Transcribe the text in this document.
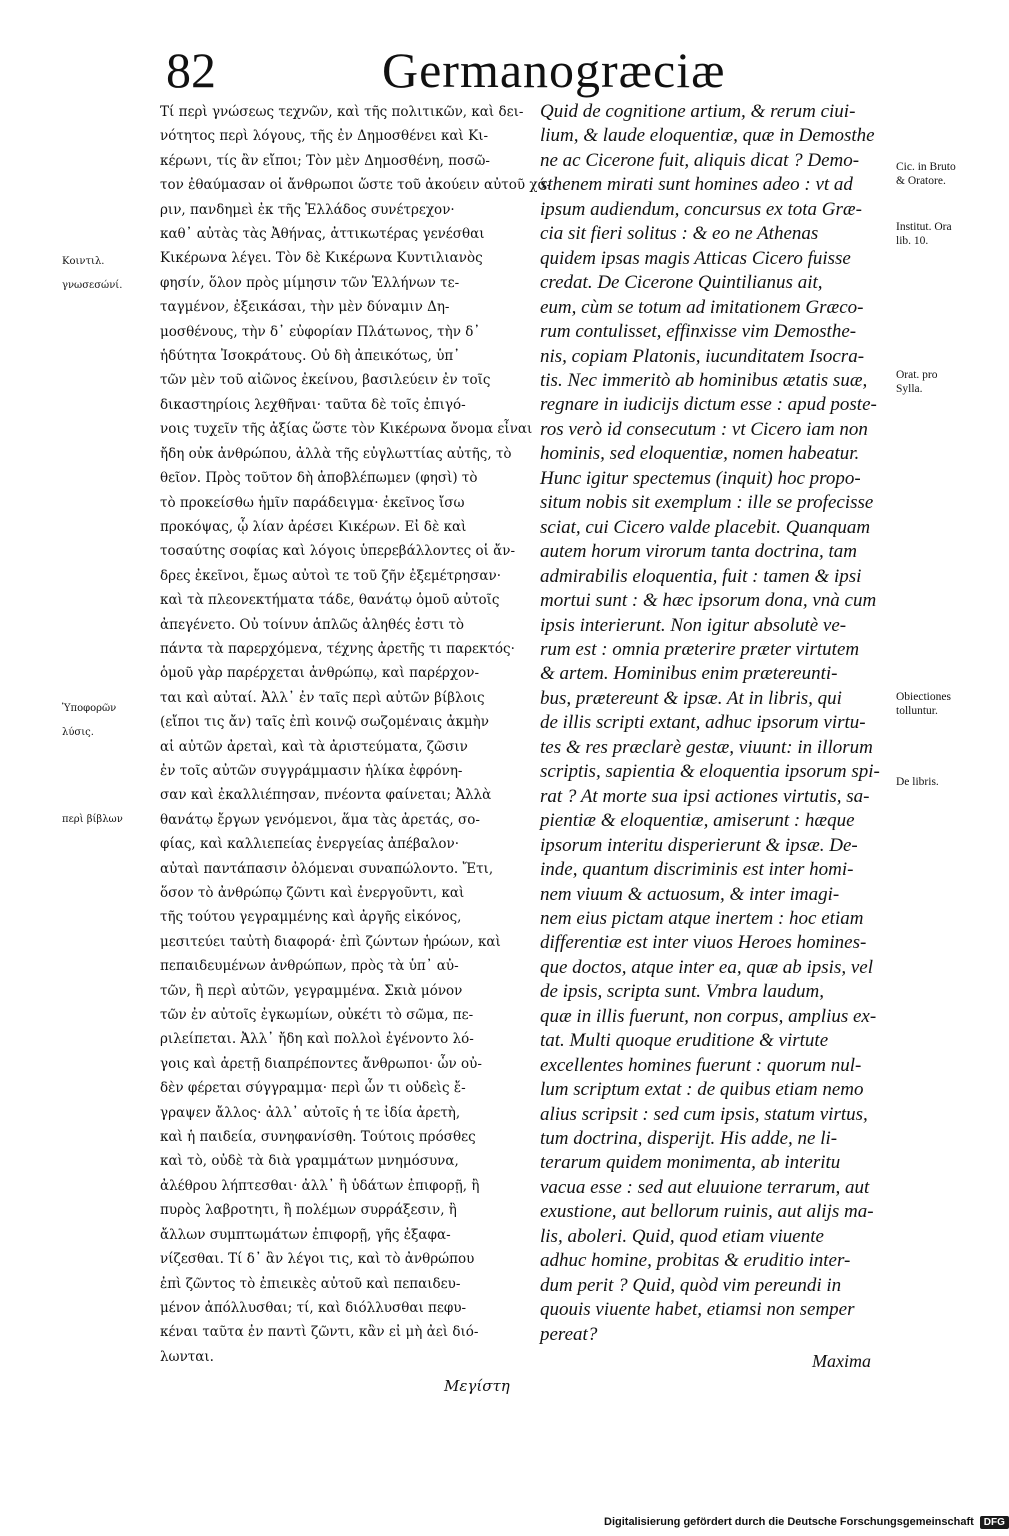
82	Germanogræciæ
Κοιντιλ.
γνωσεσώνί.
Ὑποφορῶν
λύσις.
περὶ βίβλων
Τί περὶ γνώσεως τεχνῶν, καὶ τῆς πολιτικῶν, καὶ δει-
νότητος περὶ λόγους, τῆς ἐν Δημοσθένει καὶ Κι-
κέρωνι, τίς ἂν εἴποι; Τὸν μὲν Δημοσθένη, ποσῶ-
τον ἐθαύμασαν οἱ ἄνθρωποι ὥστε τοῦ ἀκούειν αὐτοῦ χά-
ριν, πανδημεὶ ἐκ τῆς Ἑλλάδος συνέτρεχον·
καθ᾽ αὐτὰς τὰς Ἀθήνας, ἀττικωτέρας γενέσθαι
Κικέρωνα λέγει. Τὸν δὲ Κικέρωνα Κυντιλιανὸς
φησίν, ὅλον πρὸς μίμησιν τῶν Ἑλλήνων τε-
ταγμένον, ἐξεικάσαι, τὴν μὲν δύναμιν Δη-
μοσθένους, τὴν δ᾽ εὐφορίαν Πλάτωνος, τὴν δ᾽
ἡδύτητα Ἰσοκράτους. Οὐ δὴ ἀπεικότως, ὑπ᾽
τῶν μὲν τοῦ αἰῶνος ἐκείνου, βασιλεύειν ἐν τοῖς
δικαστηρίοις λεχθῆναι· ταῦτα δὲ τοῖς ἐπιγό-
νοις τυχεῖν τῆς ἀξίας ὥστε τὸν Κικέρωνα ὄνομα εἶναι
ἤδη οὐκ ἀνθρώπου, ἀλλὰ τῆς εὐγλωττίας αὐτῆς, τὸ
θεῖον. Πρὸς τοῦτον δὴ ἀποβλέπωμεν (φησὶ) τὸ
τὸ προκείσθω ἡμῖν παράδειγμα· ἐκεῖνος ἴσω
προκόψας, ᾧ λίαν ἀρέσει Κικέρων. Εἰ δὲ καὶ
τοσαύτης σοφίας καὶ λόγοις ὑπερεβάλλοντες οἱ ἄν-
δρες ἐκεῖνοι, ἔμως αὐτοὶ τε τοῦ ζῆν ἐξεμέτρησαν·
καὶ τὰ πλεονεκτήματα τάδε, θανάτῳ ὁμοῦ αὐτοῖς
ἀπεγένετο. Οὐ τοίνυν ἁπλῶς ἀληθές ἐστι τὸ
πάντα τὰ παρερχόμενα, τέχνης ἀρετῆς τι παρεκτός·
ὁμοῦ γὰρ παρέρχεται ἀνθρώπῳ, καὶ παρέρχον-
ται καὶ αὐταί. Ἀλλ᾽ ἐν ταῖς περὶ αὐτῶν βίβλοις
(εἴποι τις ἄν) ταῖς ἐπὶ κοινῷ σωζομέναις ἀκμὴν
αἱ αὐτῶν ἀρεταὶ, καὶ τὰ ἀριστεύματα, ζῶσιν
ἐν τοῖς αὐτῶν συγγράμμασιν ἡλίκα ἐφρόνη-
σαν καὶ ἐκαλλιέπησαν, πνέοντα φαίνεται; Ἀλλὰ
θανάτῳ ἔργων γενόμενοι, ἅμα τὰς ἀρετάς, σο-
φίας, καὶ καλλιεπείας ἐνεργείας ἀπέβαλον·
αὐταὶ παντάπασιν ὀλόμεναι συναπώλοντο. Ἔτι,
ὅσον τὸ ἀνθρώπῳ ζῶντι καὶ ἐνεργοῦντι, καὶ
τῆς τούτου γεγραμμένης καὶ ἀργῆς εἰκόνος,
μεσιτεύει ταὐτὴ διαφορά· ἐπὶ ζώντων ἡρώων, καὶ
πεπαιδευμένων ἀνθρώπων, πρὸς τὰ ὑπ᾽ αὐ-
τῶν, ἢ περὶ αὐτῶν, γεγραμμένα. Σκιὰ μόνον
τῶν ἐν αὐτοῖς ἐγκωμίων, οὐκέτι τὸ σῶμα, πε-
ριλείπεται. Ἀλλ᾽ ἤδη καὶ πολλοὶ ἐγένοντο λό-
γοις καὶ ἀρετῇ διαπρέποντες ἄνθρωποι· ὧν οὐ-
δὲν φέρεται σύγγραμμα· περὶ ὧν τι οὐδεὶς ἔ-
γραψεν ἄλλος· ἀλλ᾽ αὐτοῖς ἡ τε ἰδία ἀρετὴ,
καὶ ἡ παιδεία, συνηφανίσθη. Τούτοις πρόσθες
καὶ τὸ, οὐδὲ τὰ διὰ γραμμάτων μνημόσυνα,
ἀλέθρου λήπτεσθαι· ἀλλ᾽ ἢ ὑδάτων ἐπιφορῇ, ἢ
πυρὸς λαβροτητι, ἢ πολέμων συρράξεσιν, ἢ
ἄλλων συμπτωμάτων ἐπιφορῇ, γῆς ἐξαφα-
νίζεσθαι. Τί δ᾽ ἂν λέγοι τις, καὶ τὸ ἀνθρώπου
ἐπὶ ζῶντος τὸ ἐπιεικὲς αὐτοῦ καὶ πεπαιδευ-
μένον ἀπόλλυσθαι; τί, καὶ διόλλυσθαι πεφυ-
κέναι ταῦτα ἐν παντὶ ζῶντι, κἂν εἰ μὴ ἀεὶ διό-
λωνται.
Quid de cognitione artium, & rerum ciui-
lium, & laude eloquentiæ, quæ in Demosthe
ne ac Cicerone fuit, aliquis dicat ? Demo-
sthenem mirati sunt homines adeo : vt ad
ipsum audiendum, concursus ex tota Græ-
cia sit fieri solitus : & eo ne Athenas
quidem ipsas magis Atticas Cicero fuisse
credat. De Cicerone Quintilianus ait,
eum, cùm se totum ad imitationem Græco-
rum contulisset, effinxisse vim Demosthe-
nis, copiam Platonis, iucunditatem Isocra-
tis. Nec immeritò ab hominibus ætatis suæ,
regnare in iudicijs dictum esse : apud poste-
ros verò id consecutum : vt Cicero iam non
hominis, sed eloquentiæ, nomen habeatur.
Hunc igitur spectemus (inquit) hoc propo-
situm nobis sit exemplum : ille se profecisse
sciat, cui Cicero valde placebit. Quanquam
autem horum virorum tanta doctrina, tam
admirabilis eloquentia, fuit : tamen & ipsi
mortui sunt : & hæc ipsorum dona, vnà cum
ipsis interierunt. Non igitur absolutè ve-
rum est : omnia præterire præter virtutem
& artem. Hominibus enim prætereunti-
bus, prætereunt & ipsæ. At in libris, qui
de illis scripti extant, adhuc ipsorum virtu-
tes & res præclarè gestæ, viuunt: in illorum
scriptis, sapientia & eloquentia ipsorum spi-
rat ? At morte sua ipsi actiones virtutis, sa-
pientiæ & eloquentiæ, amiserunt : hæque
ipsorum interitu disperierunt & ipsæ. De-
inde, quantum discriminis est inter homi-
nem viuum & actuosum, & inter imagi-
nem eius pictam atque inertem : hoc etiam
differentiæ est inter viuos Heroes homines-
que doctos, atque inter ea, quæ ab ipsis, vel
de ipsis, scripta sunt. Vmbra laudum,
quæ in illis fuerunt, non corpus, amplius ex-
tat. Multi quoque eruditione & virtute
excellentes homines fuerunt : quorum nul-
lum scriptum extat : de quibus etiam nemo
alius scripsit : sed cum ipsis, statum virtus,
tum doctrina, disperijt. His adde, ne li-
terarum quidem monimenta, ab interitu
vacua esse : sed aut eluuione terrarum, aut
exustione, aut bellorum ruinis, aut alijs ma-
lis, aboleri. Quid, quod etiam viuente
adhuc homine, probitas & eruditio inter-
dum perit ? Quid, quòd vim pereundi in
quouis viuente habet, etiamsi non semper
pereat?
Cic. in Bruto
& Oratore.
Institut. Ora
lib. 10.
Orat. pro
Sylla.
Obiectiones
tolluntur.
De libris.
Μεγίστη
Maxima
Digitalisierung gefördert durch die Deutsche Forschungsgemeinschaft	DFG
